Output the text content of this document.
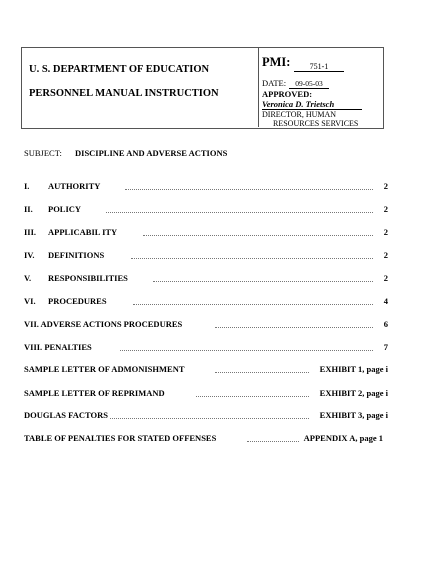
U. S. DEPARTMENT OF EDUCATION
PERSONNEL MANUAL INSTRUCTION
PMI:	751-1
DATE:	09-05-03
APPROVED:
Veronica D. Trietsch
DIRECTOR, HUMAN
RESOURCES SERVICES
SUBJECT: DISCIPLINE AND ADVERSE ACTIONS
I. AUTHORITY	2
II. POLICY	2
III. APPLICABIL ITY	2
IV. DEFINITIONS	2
V. RESPONSIBILITIES	2
VI. PROCEDURES	4
VII. ADVERSE ACTIONS PROCEDURES	6
VIII. PENALTIES	7
SAMPLE LETTER OF ADMONISHMENT	EXHIBIT 1, page i
SAMPLE LETTER OF REPRIMAND	EXHIBIT 2, page i
DOUGLAS FACTORS	EXHIBIT 3, page i
TABLE OF PENALTIES FOR STATED OFFENSES	APPENDIX A, page 1
